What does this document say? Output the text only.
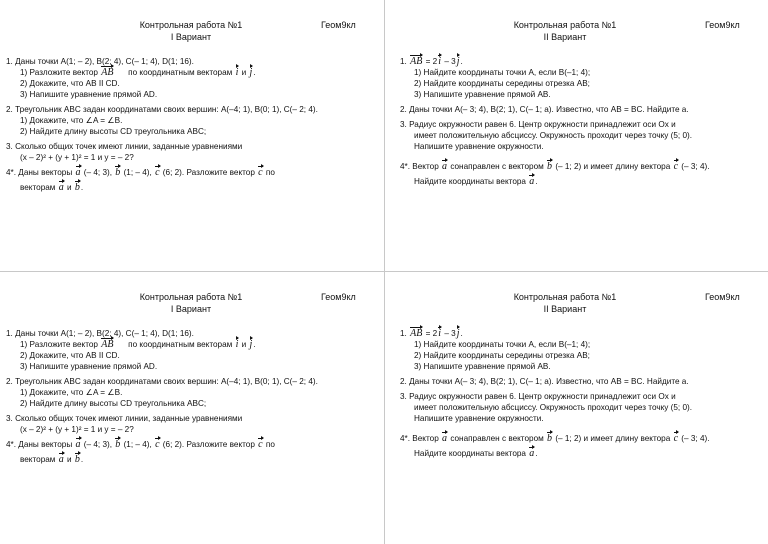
Контрольная работа №1	Геом9кл
I Вариант
1. Даны точки A(1; – 2), B(2; 4), C(– 1; 4), D(1; 16).
1) Разложите вектор AB по координатным векторам i и j.
2) Докажите, что AB II CD.
3) Напишите уравнение прямой AD.
2. Треугольник ABC задан координатами своих вершин: A(–4; 1), B(0; 1), C(– 2; 4).
1) Докажите, что ∠A = ∠B.
2) Найдите длину высоты CD треугольника ABC;
3. Сколько общих точек имеют линии, заданные уравнениями
(x – 2)² + (y + 1)² = 1 и y = – 2?
4*. Даны векторы a (– 4; 3), b (1; – 4), c (6; 2). Разложите вектор c по
векторам a и b.
Контрольная работа №1	Геом9кл
II Вариант
1. AB = 2i – 3j.
1) Найдите координаты точки A, если B(–1; 4);
2) Найдите координаты середины отрезка AB;
3) Напишите уравнение прямой AB.
2. Даны точки A(– 3; 4), B(2; 1), C(– 1; a). Известно, что AB = BC. Найдите a.
3. Радиус окружности равен 6. Центр окружности принадлежит оси Ox и
имеет положительную абсциссу. Окружность проходит через точку (5; 0).
Напишите уравнение окружности.
4*. Вектор a сонаправлен с вектором b (– 1; 2) и имеет длину вектора c (– 3; 4).
Найдите координаты вектора a.
Контрольная работа №1	Геом9кл
I Вариант
1. Даны точки A(1; – 2), B(2; 4), C(– 1; 4), D(1; 16).
1) Разложите вектор AB по координатным векторам i и j.
2) Докажите, что AB II CD.
3) Напишите уравнение прямой AD.
2. Треугольник ABC задан координатами своих вершин: A(–4; 1), B(0; 1), C(– 2; 4).
1) Докажите, что ∠A = ∠B.
2) Найдите длину высоты CD треугольника ABC;
3. Сколько общих точек имеют линии, заданные уравнениями
(x – 2)² + (y + 1)² = 1 и y = – 2?
4*. Даны векторы a (– 4; 3), b (1; – 4), c (6; 2). Разложите вектор c по
векторам a и b.
Контрольная работа №1	Геом9кл
II Вариант
1. AB = 2i – 3j.
1) Найдите координаты точки A, если B(–1; 4);
2) Найдите координаты середины отрезка AB;
3) Напишите уравнение прямой AB.
2. Даны точки A(– 3; 4), B(2; 1), C(– 1; a). Известно, что AB = BC. Найдите a.
3. Радиус окружности равен 6. Центр окружности принадлежит оси Ox и
имеет положительную абсциссу. Окружность проходит через точку (5; 0).
Напишите уравнение окружности.
4*. Вектор a сонаправлен с вектором b (– 1; 2) и имеет длину вектора c (– 3; 4).
Найдите координаты вектора a.
